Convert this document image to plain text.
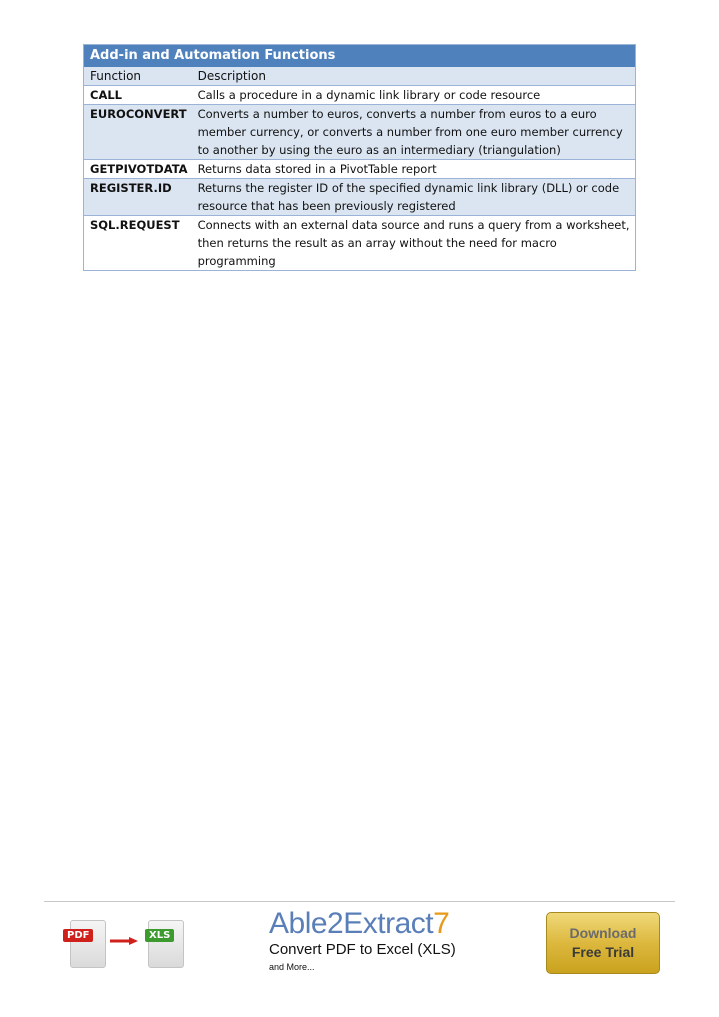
Add-in and Automation Functions	
Function	Description
CALL	Calls a procedure in a dynamic link library or code resource
EUROCONVERT	Converts a number to euros, converts a number from euros to a euro member currency, or converts a number from one euro member currency to another by using the euro as an intermediary (triangulation)
GETPIVOTDATA	Returns data stored in a PivotTable report
REGISTER.ID	Returns the register ID of the specified dynamic link library (DLL) or code resource that has been previously registered
SQL.REQUEST	Connects with an external data source and runs a query from a worksheet, then returns the result as an array without the need for macro programming
PDF	XLS	Able2Extract7
Convert PDF to Excel (XLS)
and More...
Download
Free Trial
